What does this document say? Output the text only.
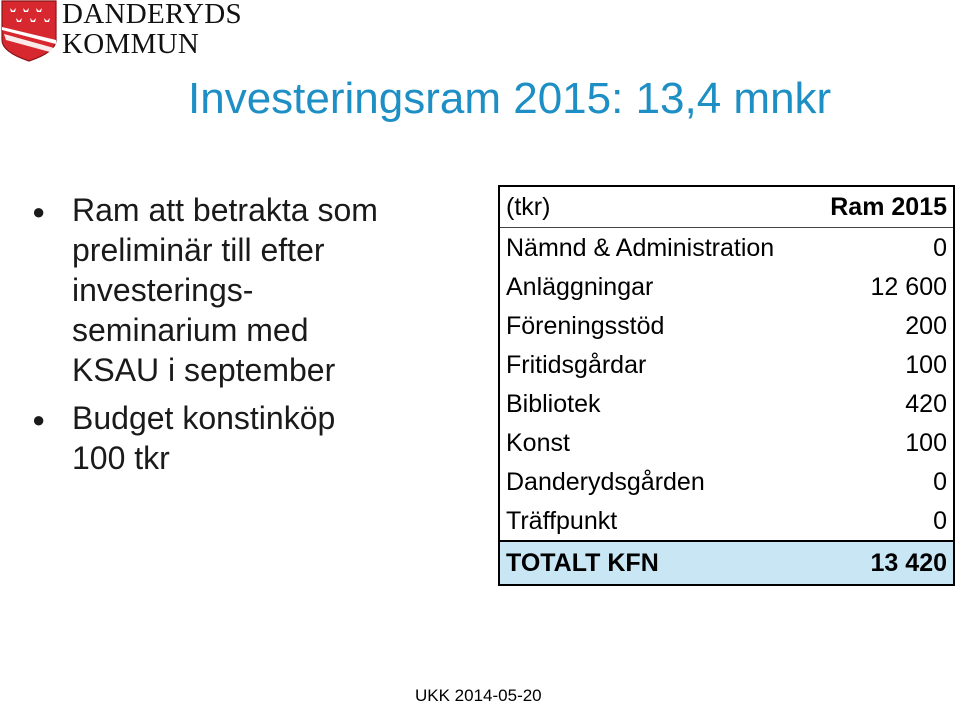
DANDERYDS
KOMMUN
Investeringsram 2015: 13,4 mnkr
● Ram att betrakta som
preliminär till efter
investerings-
seminarium med
KSAU i september
● Budget konstinköp
100 tkr
(tkr)	Ram 2015
Nämnd & Administration	0
Anläggningar	12 600
Föreningsstöd	200
Fritidsgårdar	100
Bibliotek	420
Konst	100
Danderydsgården	0
Träffpunkt	0
TOTALT KFN	13 420
UKK 2014-05-20
